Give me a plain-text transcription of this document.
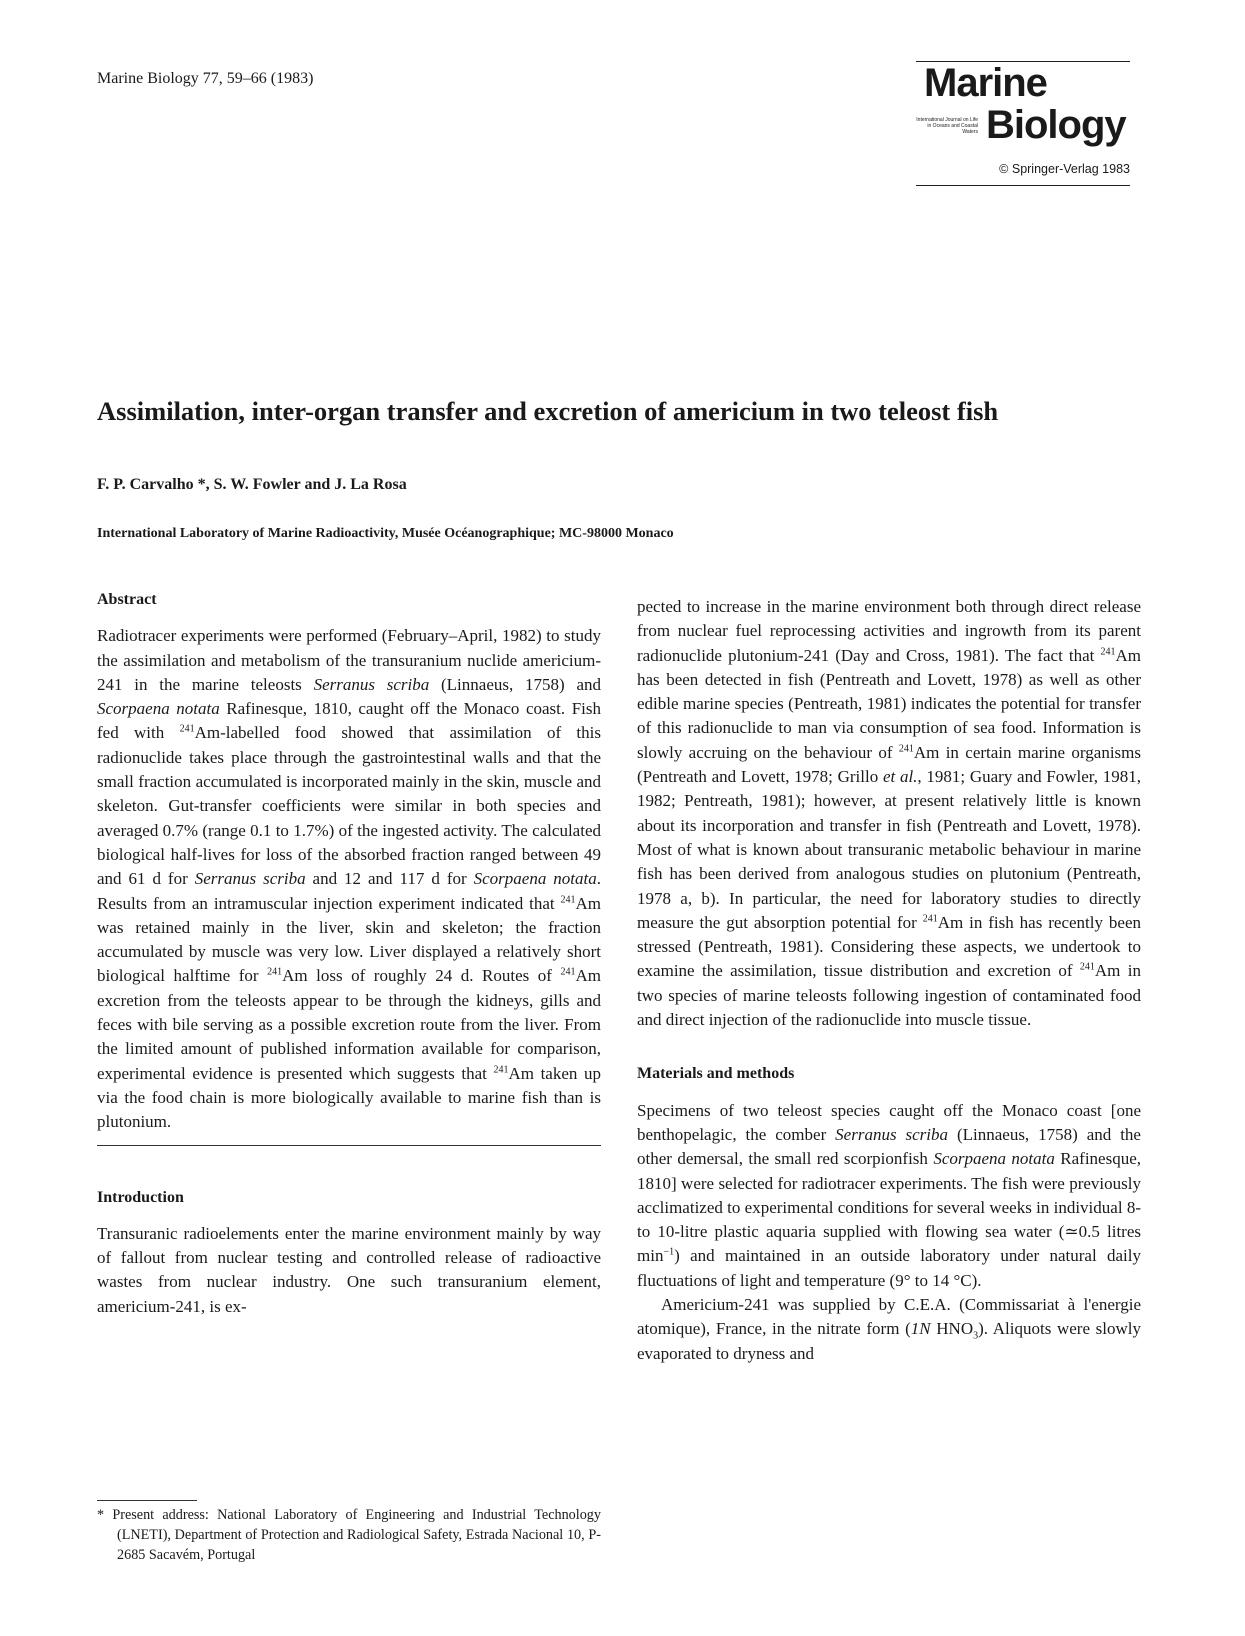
Marine Biology 77, 59–66 (1983)	Marine
International Journal on Life in Oceans and Coastal Waters Biology
© Springer-Verlag 1983
Assimilation, inter-organ transfer and excretion of americium in two teleost fish
F. P. Carvalho *, S. W. Fowler and J. La Rosa
International Laboratory of Marine Radioactivity, Musée Océanographique; MC-98000 Monaco
Abstract

Radiotracer experiments were performed (February–April, 1982) to study the assimilation and metabolism of the transuranium nuclide americium-241 in the marine teleosts Serranus scriba (Linnaeus, 1758) and Scorpaena notata Rafinesque, 1810, caught off the Monaco coast. Fish fed with $^{241}$Am-labelled food showed that assimilation of this radionuclide takes place through the gastrointestinal walls and that the small fraction accumulated is incorporated mainly in the skin, muscle and skeleton. Gut-transfer coefficients were similar in both species and averaged 0.7% (range 0.1 to 1.7%) of the ingested activity. The calculated biological half-lives for loss of the absorbed fraction ranged between 49 and 61 d for Serranus scriba and 12 and 117 d for Scorpaena notata. Results from an intramuscular injection experiment indicated that $^{241}$Am was retained mainly in the liver, skin and skeleton; the fraction accumulated by muscle was very low. Liver displayed a relatively short biological halftime for $^{241}$Am loss of roughly 24 d. Routes of $^{241}$Am excretion from the teleosts appear to be through the kidneys, gills and feces with bile serving as a possible excretion route from the liver. From the limited amount of published information available for comparison, experimental evidence is presented which suggests that $^{241}$Am taken up via the food chain is more biologically available to marine fish than is plutonium.

Introduction

Transuranic radioelements enter the marine environment mainly by way of fallout from nuclear testing and controlled release of radioactive wastes from nuclear industry. One such transuranium element, americium-241, is ex-

* Present address: National Laboratory of Engineering and Industrial Technology (LNETI), Department of Protection and Radiological Safety, Estrada Nacional 10, P-2685 Sacavém, Portugal

pected to increase in the marine environment both through direct release from nuclear fuel reprocessing activities and ingrowth from its parent radionuclide plutonium-241 (Day and Cross, 1981). The fact that $^{241}$Am has been detected in fish (Pentreath and Lovett, 1978) as well as other edible marine species (Pentreath, 1981) indicates the potential for transfer of this radionuclide to man via consumption of sea food. Information is slowly accruing on the behaviour of $^{241}$Am in certain marine organisms (Pentreath and Lovett, 1978; Grillo et al., 1981; Guary and Fowler, 1981, 1982; Pentreath, 1981); however, at present relatively little is known about its incorporation and transfer in fish (Pentreath and Lovett, 1978). Most of what is known about transuranic metabolic behaviour in marine fish has been derived from analogous studies on plutonium (Pentreath, 1978 a, b). In particular, the need for laboratory studies to directly measure the gut absorption potential for $^{241}$Am in fish has recently been stressed (Pentreath, 1981). Considering these aspects, we undertook to examine the assimilation, tissue distribution and excretion of $^{241}$Am in two species of marine teleosts following ingestion of contaminated food and direct injection of the radionuclide into muscle tissue.

Materials and methods

Specimens of two teleost species caught off the Monaco coast [one benthopelagic, the comber Serranus scriba (Linnaeus, 1758) and the other demersal, the small red scorpionfish Scorpaena notata Rafinesque, 1810] were selected for radiotracer experiments. The fish were previously acclimatized to experimental conditions for several weeks in individual 8- to 10-litre plastic aquaria supplied with flowing sea water (≃0.5 litres $\min^{-1}$) and maintained in an outside laboratory under natural daily fluctuations of light and temperature (9° to 14 °C).

Americium-241 was supplied by C.E.A. (Commissariat à l'energie atomique), France, in the nitrate form (1N $HNO_3$). Aliquots were slowly evaporated to dryness and
